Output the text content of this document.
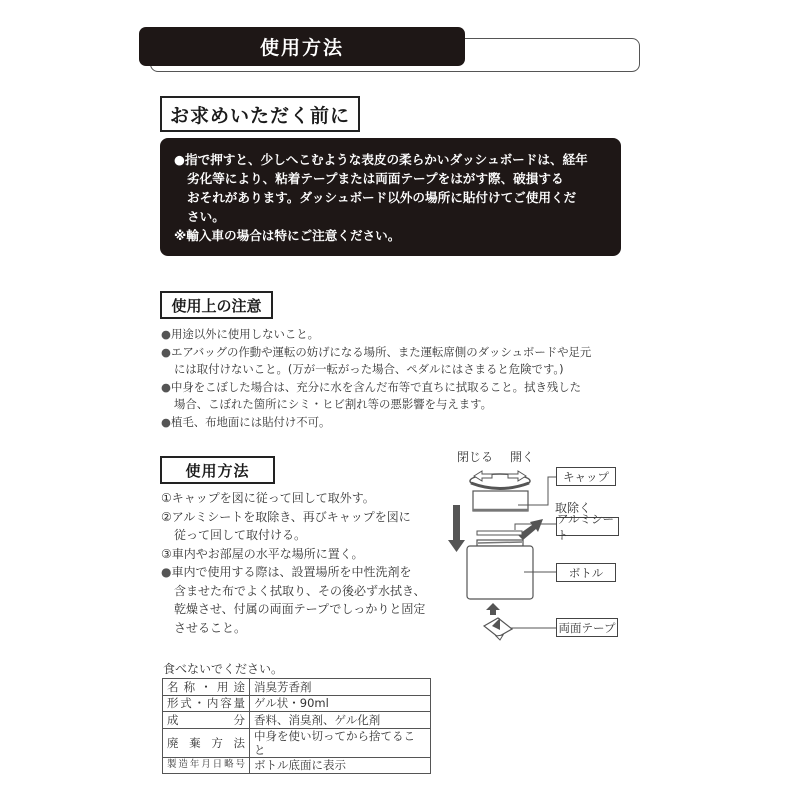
使用方法
お求めいただく前に
●指で押すと、少しへこむような表皮の柔らかいダッシュボードは、経年
劣化等により、粘着テープまたは両面テープをはがす際、破損する
おそれがあります。ダッシュボード以外の場所に貼付けてご使用くだ
さい。
※輸入車の場合は特にご注意ください。
使用上の注意
●用途以外に使用しないこと。
●エアバッグの作動や運転の妨げになる場所、また運転席側のダッシュボードや足元
には取付けないこと。(万が一転がった場合、ペダルにはさまると危険です。)
●中身をこぼした場合は、充分に水を含んだ布等で直ちに拭取ること。拭き残した
場合、こぼれた箇所にシミ・ヒビ割れ等の悪影響を与えます。
●植毛、布地面には貼付け不可。
使用方法
①キャップを図に従って回して取外す。
②アルミシートを取除き、再びキャップを図に
従って回して取付ける。
③車内やお部屋の水平な場所に置く。
●車内で使用する際は、設置場所を中性洗剤を
含ませた布でよく拭取り、その後必ず水拭き、
乾燥させ、付属の両面テープでしっかりと固定
させること。
閉じる 開く
キャップ
取除く
アルミシート
ボトル
両面テープ
食べないでください。
名称・用途	消臭芳香剤
形式・内容量	ゲル状・90ml
成　　分	香料、消臭剤、ゲル化剤
廃棄方法	中身を使い切ってから捨てること
製造年月日略号	ボトル底面に表示
